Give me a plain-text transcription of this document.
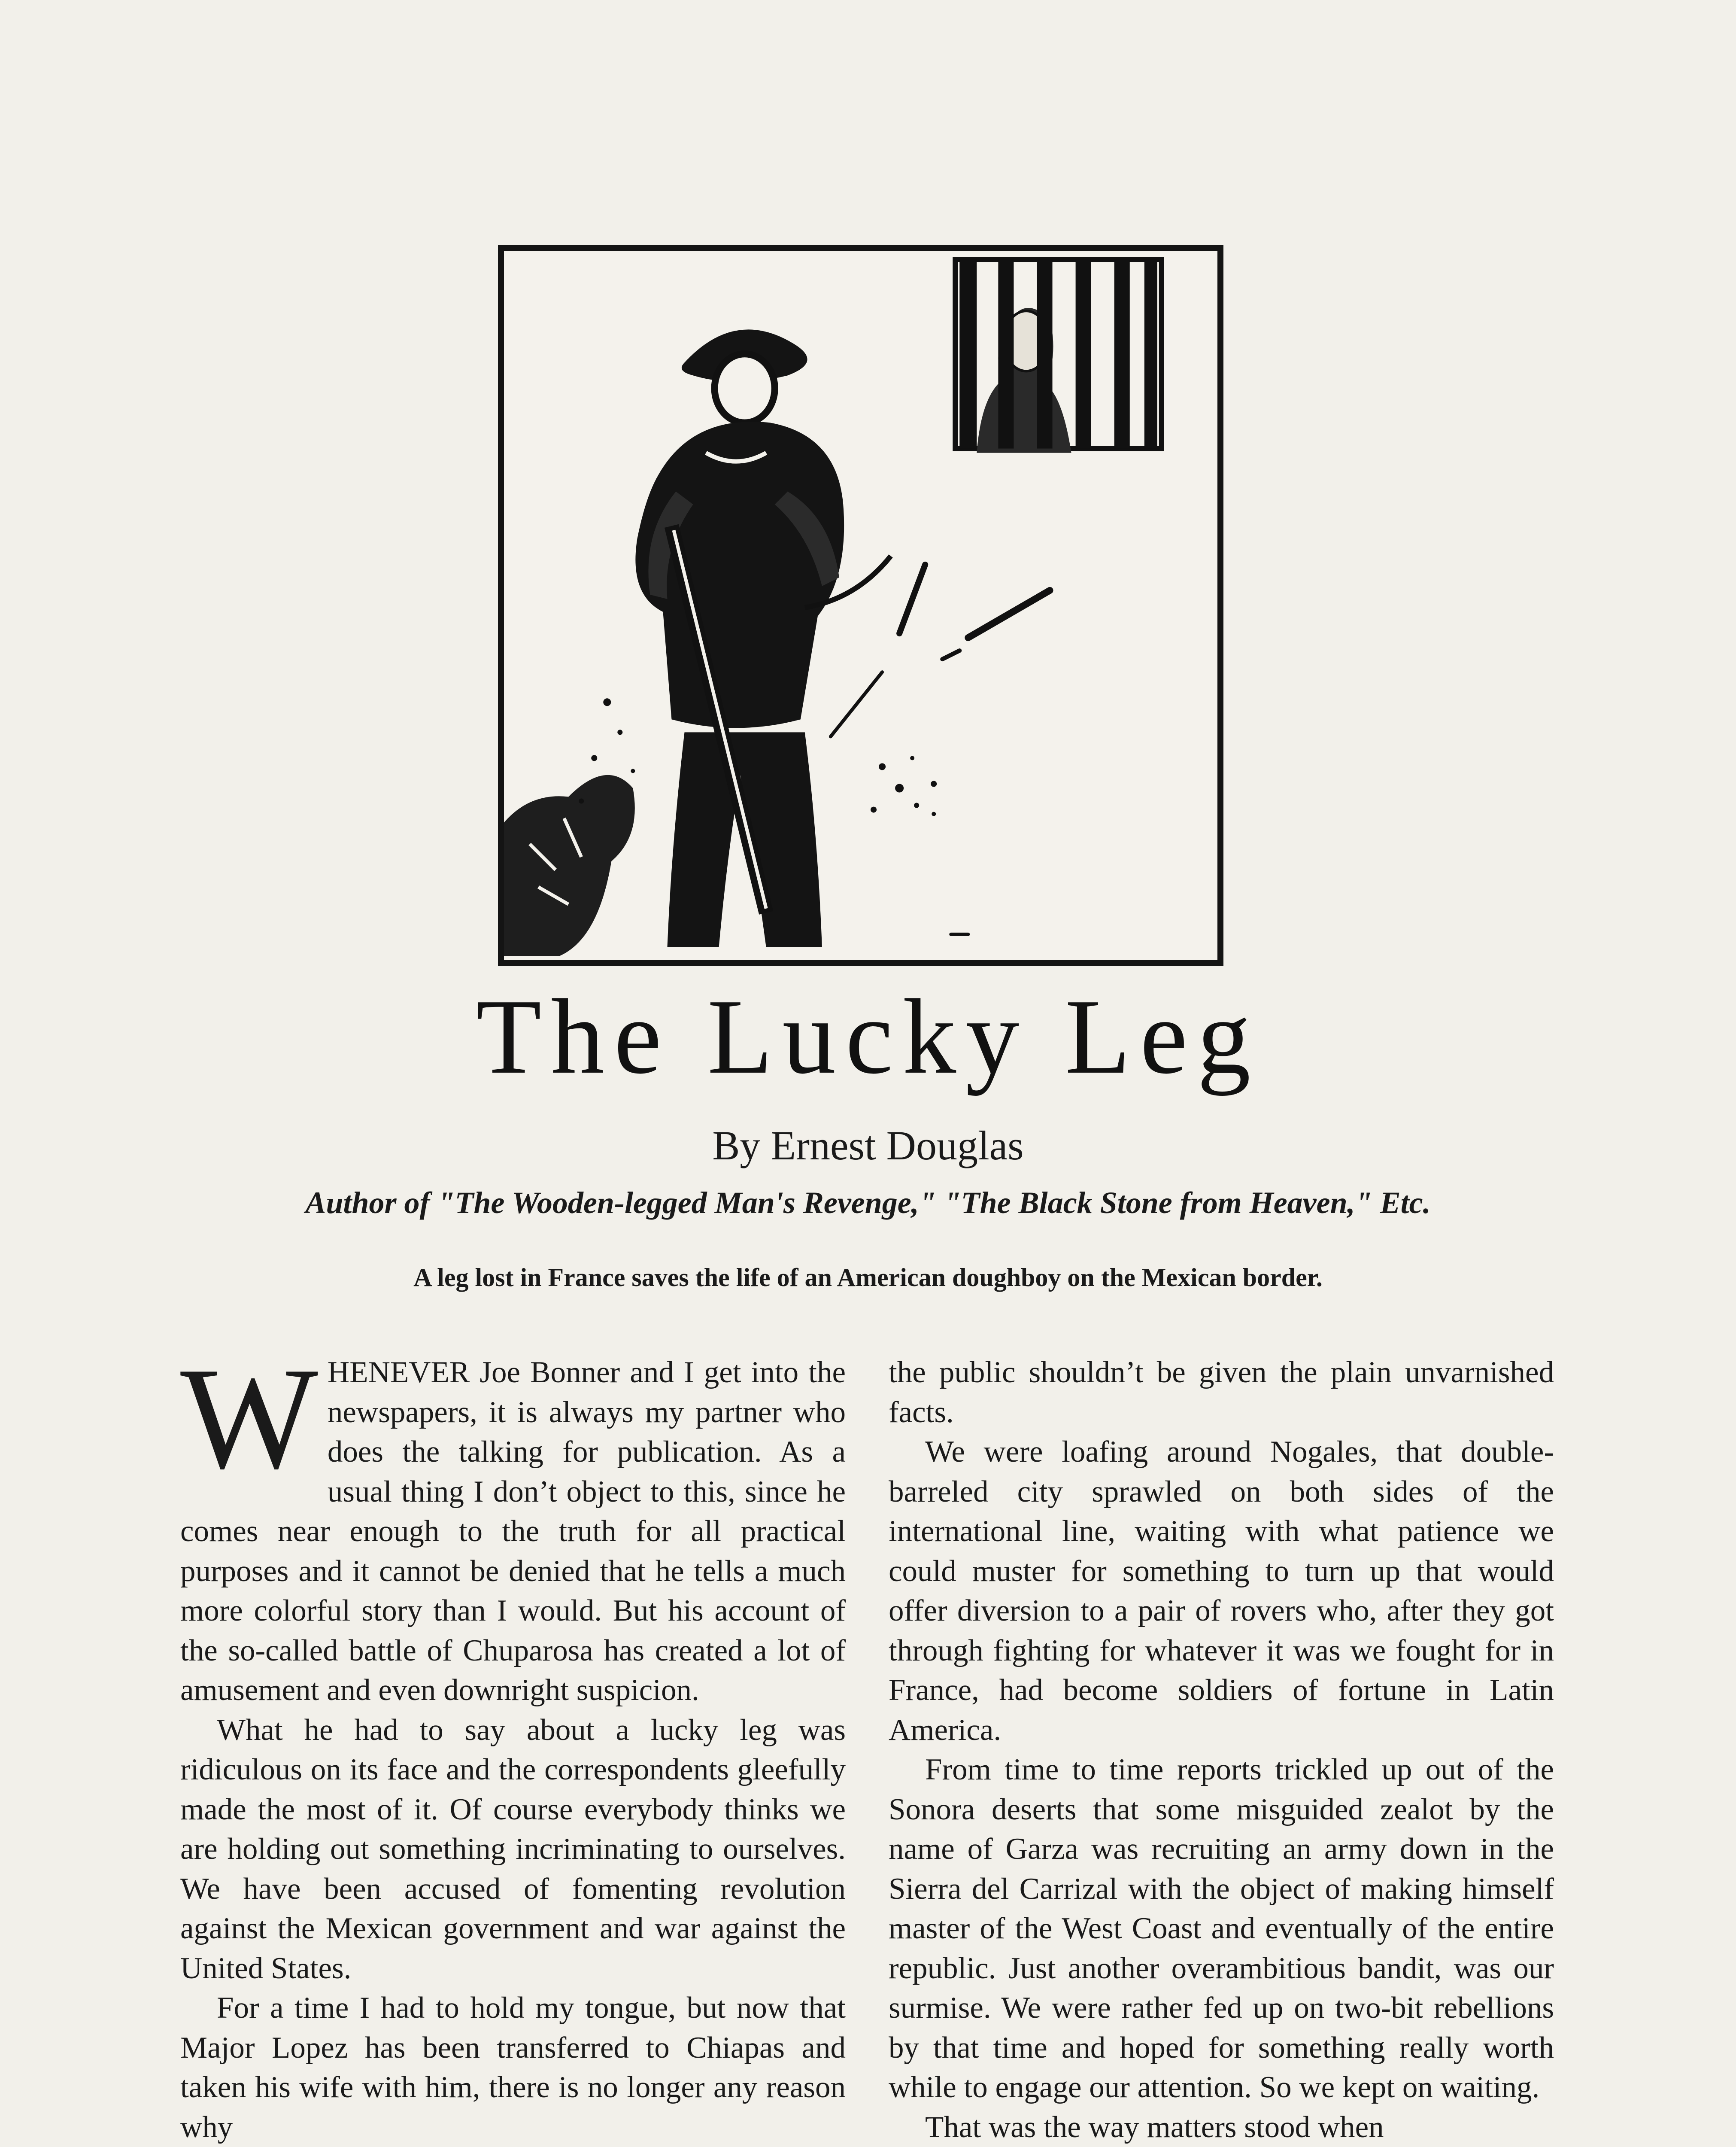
The Lucky Leg
By Ernest Douglas
Author of "The Wooden-legged Man's Revenge," "The Black Stone from Heaven," Etc.
A leg lost in France saves the life of an American doughboy on the Mexican border.

WHENEVER Joe Bonner and I get into the newspapers, it is always my partner who does the talking for publication. As a usual thing I don’t object to this, since he comes near enough to the truth for all practical purposes and it cannot be denied that he tells a much more colorful story than I would. But his account of the so-called battle of Chuparosa has created a lot of amusement and even downright suspicion.

What he had to say about a lucky leg was ridiculous on its face and the correspondents gleefully made the most of it. Of course everybody thinks we are holding out something incriminating to ourselves. We have been accused of fomenting revolution against the Mexican government and war against the United States.

For a time I had to hold my tongue, but now that Major Lopez has been transferred to Chiapas and taken his wife with him, there is no longer any reason why

the public shouldn’t be given the plain unvarnished facts.

We were loafing around Nogales, that double-barreled city sprawled on both sides of the international line, waiting with what patience we could muster for something to turn up that would offer diversion to a pair of rovers who, after they got through fighting for whatever it was we fought for in France, had become soldiers of fortune in Latin America.

From time to time reports trickled up out of the Sonora deserts that some misguided zealot by the name of Garza was recruiting an army down in the Sierra del Carrizal with the object of making himself master of the West Coast and eventually of the entire republic. Just another overambitious bandit, was our surmise. We were rather fed up on two-bit rebellions by that time and hoped for something really worth while to engage our attention. So we kept on waiting.

That was the way matters stood when
